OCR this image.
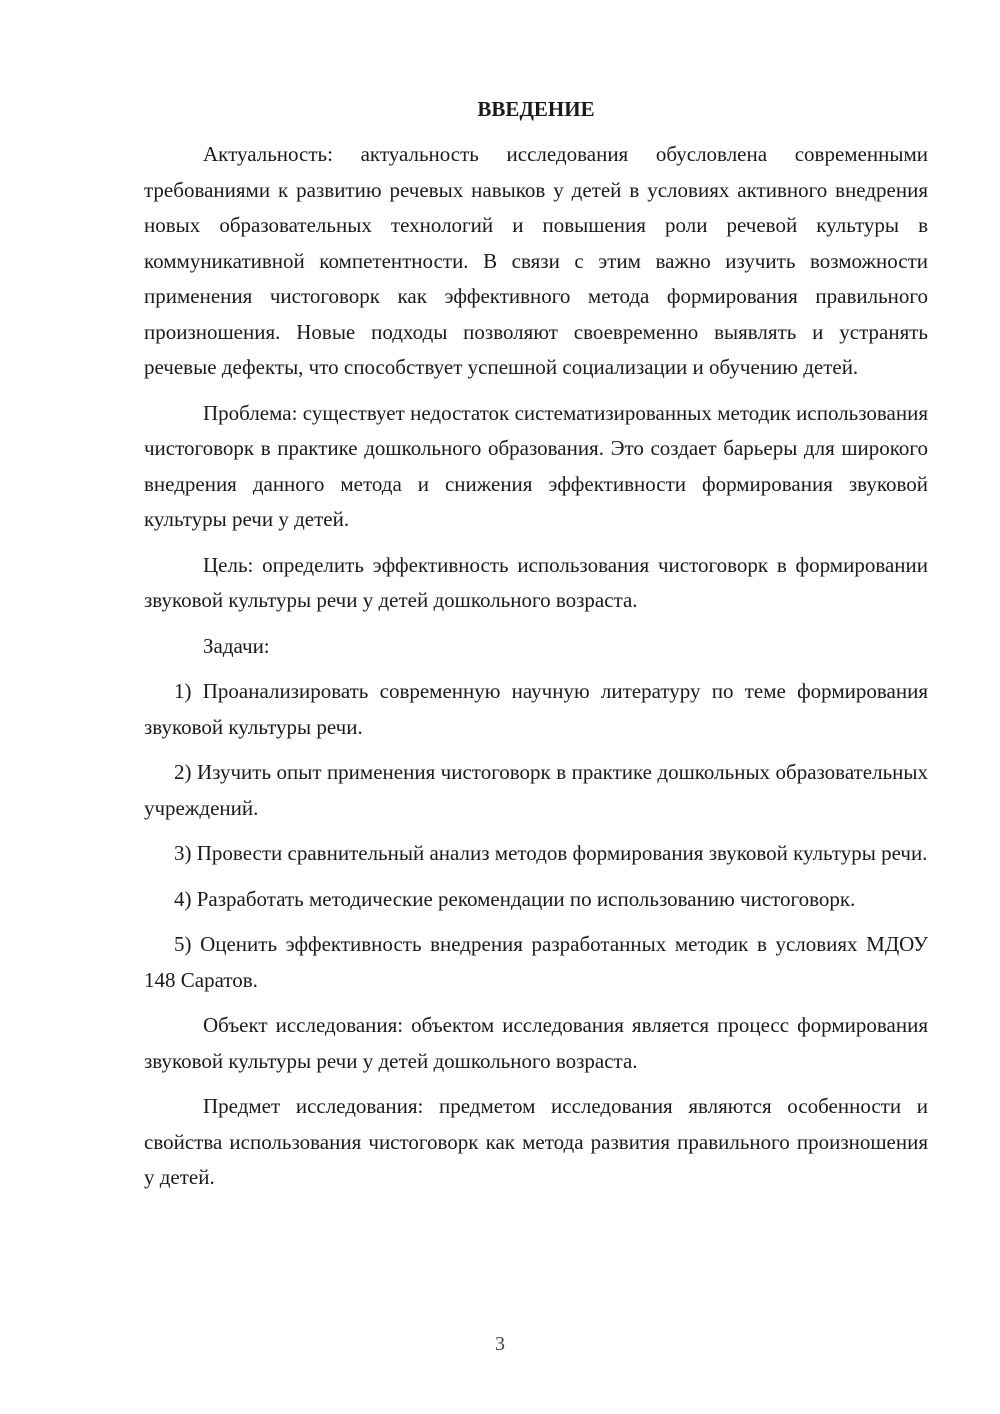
ВВЕДЕНИЕ

Актуальность: актуальность исследования обусловлена современными требованиями к развитию речевых навыков у детей в условиях активного внедрения новых образовательных технологий и повышения роли речевой культуры в коммуникативной компетентности. В связи с этим важно изучить возможности применения чистоговорк как эффективного метода формирования правильного произношения. Новые подходы позволяют своевременно выявлять и устранять речевые дефекты, что способствует успешной социализации и обучению детей.

Проблема: существует недостаток систематизированных методик использования чистоговорк в практике дошкольного образования. Это создает барьеры для широкого внедрения данного метода и снижения эффективности формирования звуковой культуры речи у детей.

Цель: определить эффективность использования чистоговорк в формировании звуковой культуры речи у детей дошкольного возраста.

Задачи:

1) Проанализировать современную научную литературу по теме формирования звуковой культуры речи.

2) Изучить опыт применения чистоговорк в практике дошкольных образовательных учреждений.

3) Провести сравнительный анализ методов формирования звуковой культуры речи.

4) Разработать методические рекомендации по использованию чистоговорк.

5) Оценить эффективность внедрения разработанных методик в условиях МДОУ 148 Саратов.

Объект исследования: объектом исследования является процесс формирования звуковой культуры речи у детей дошкольного возраста.

Предмет исследования: предметом исследования являются особенности и свойства использования чистоговорк как метода развития правильного произношения у детей.

3
